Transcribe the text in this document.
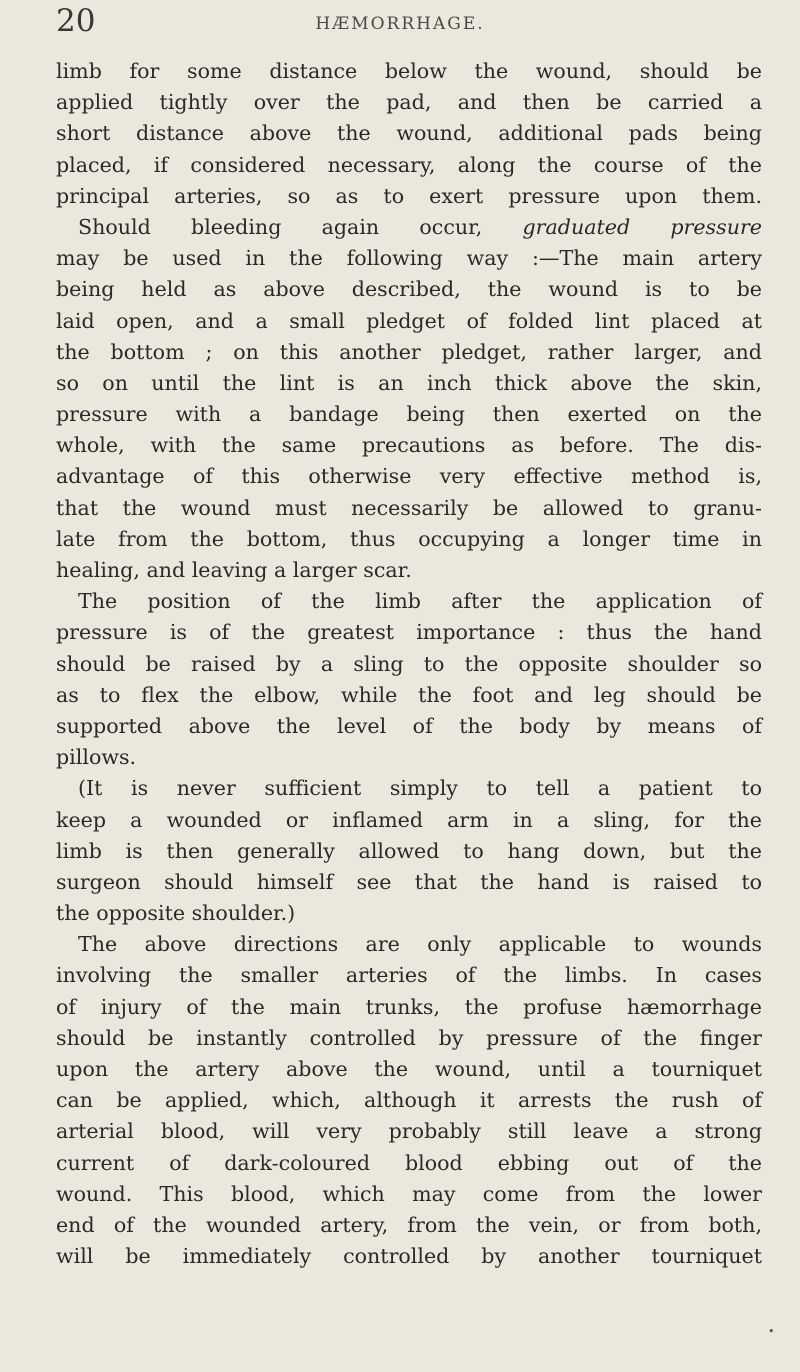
20	HÆMORRHAGE.
limb for some distance below the wound, should be
applied tightly over the pad, and then be carried a
short distance above the wound, additional pads being
placed, if considered necessary, along the course of the
principal arteries, so as to exert pressure upon them.
Should bleeding again occur, graduated pressure
may be used in the following way :—The main artery
being held as above described, the wound is to be
laid open, and a small pledget of folded lint placed at
the bottom ; on this another pledget, rather larger, and
so on until the lint is an inch thick above the skin,
pressure with a bandage being then exerted on the
whole, with the same precautions as before. The dis-
advantage of this otherwise very effective method is,
that the wound must necessarily be allowed to granu-
late from the bottom, thus occupying a longer time in
healing, and leaving a larger scar.
The position of the limb after the application of
pressure is of the greatest importance : thus the hand
should be raised by a sling to the opposite shoulder so
as to flex the elbow, while the foot and leg should be
supported above the level of the body by means of
pillows.
(It is never sufficient simply to tell a patient to
keep a wounded or inflamed arm in a sling, for the
limb is then generally allowed to hang down, but the
surgeon should himself see that the hand is raised to
the opposite shoulder.)
The above directions are only applicable to wounds
involving the smaller arteries of the limbs. In cases
of injury of the main trunks, the profuse hæmorrhage
should be instantly controlled by pressure of the finger
upon the artery above the wound, until a tourniquet
can be applied, which, although it arrests the rush of
arterial blood, will very probably still leave a strong
current of dark-coloured blood ebbing out of the
wound. This blood, which may come from the lower
end of the wounded artery, from the vein, or from both,
will be immediately controlled by another tourniquet
•
